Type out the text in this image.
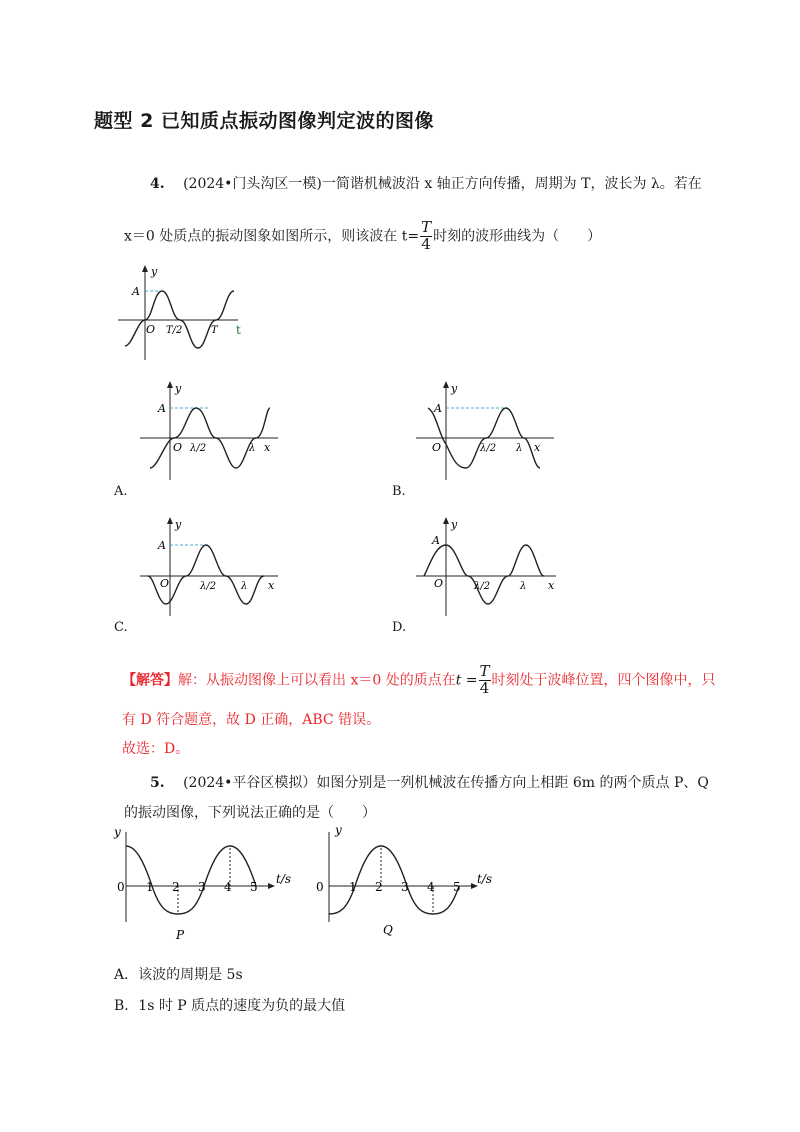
题型 2 已知质点振动图像判定波的图像
4. (2024•门头沟区一模)一简谐机械波沿 x 轴正方向传播，周期为 T，波长为 λ。若在
x＝0 处质点的振动图象如图所示，则该波在 $t= \frac{T}{4}$ 时刻的波形曲线为（　　）
y
A
O T/2	T t
y
A
O λ/2	λ x
A.
y
A
O	λ/2 λ x
B.
y
A
O	λ/2 λ x
C.
y
A
O	λ/2	λ x
D.
【解答】解：从振动图像上可以看出 x＝0 处的质点在$t = \frac{T}{4}$ 时刻处于波峰位置，四个图像中，只
有 D 符合题意，故 D 正确，ABC 错误。
故选：D。
5. (2024•平谷区模拟）如图分别是一列机械波在传播方向上相距 6m 的两个质点 P、Q
的振动图像，下列说法正确的是（　　）
y
0 1 2 3 4 5
t/s
P
y
0 1 2 3 4 5
t/s
Q
A．该波的周期是 5s
B．1s 时 P 质点的速度为负的最大值
